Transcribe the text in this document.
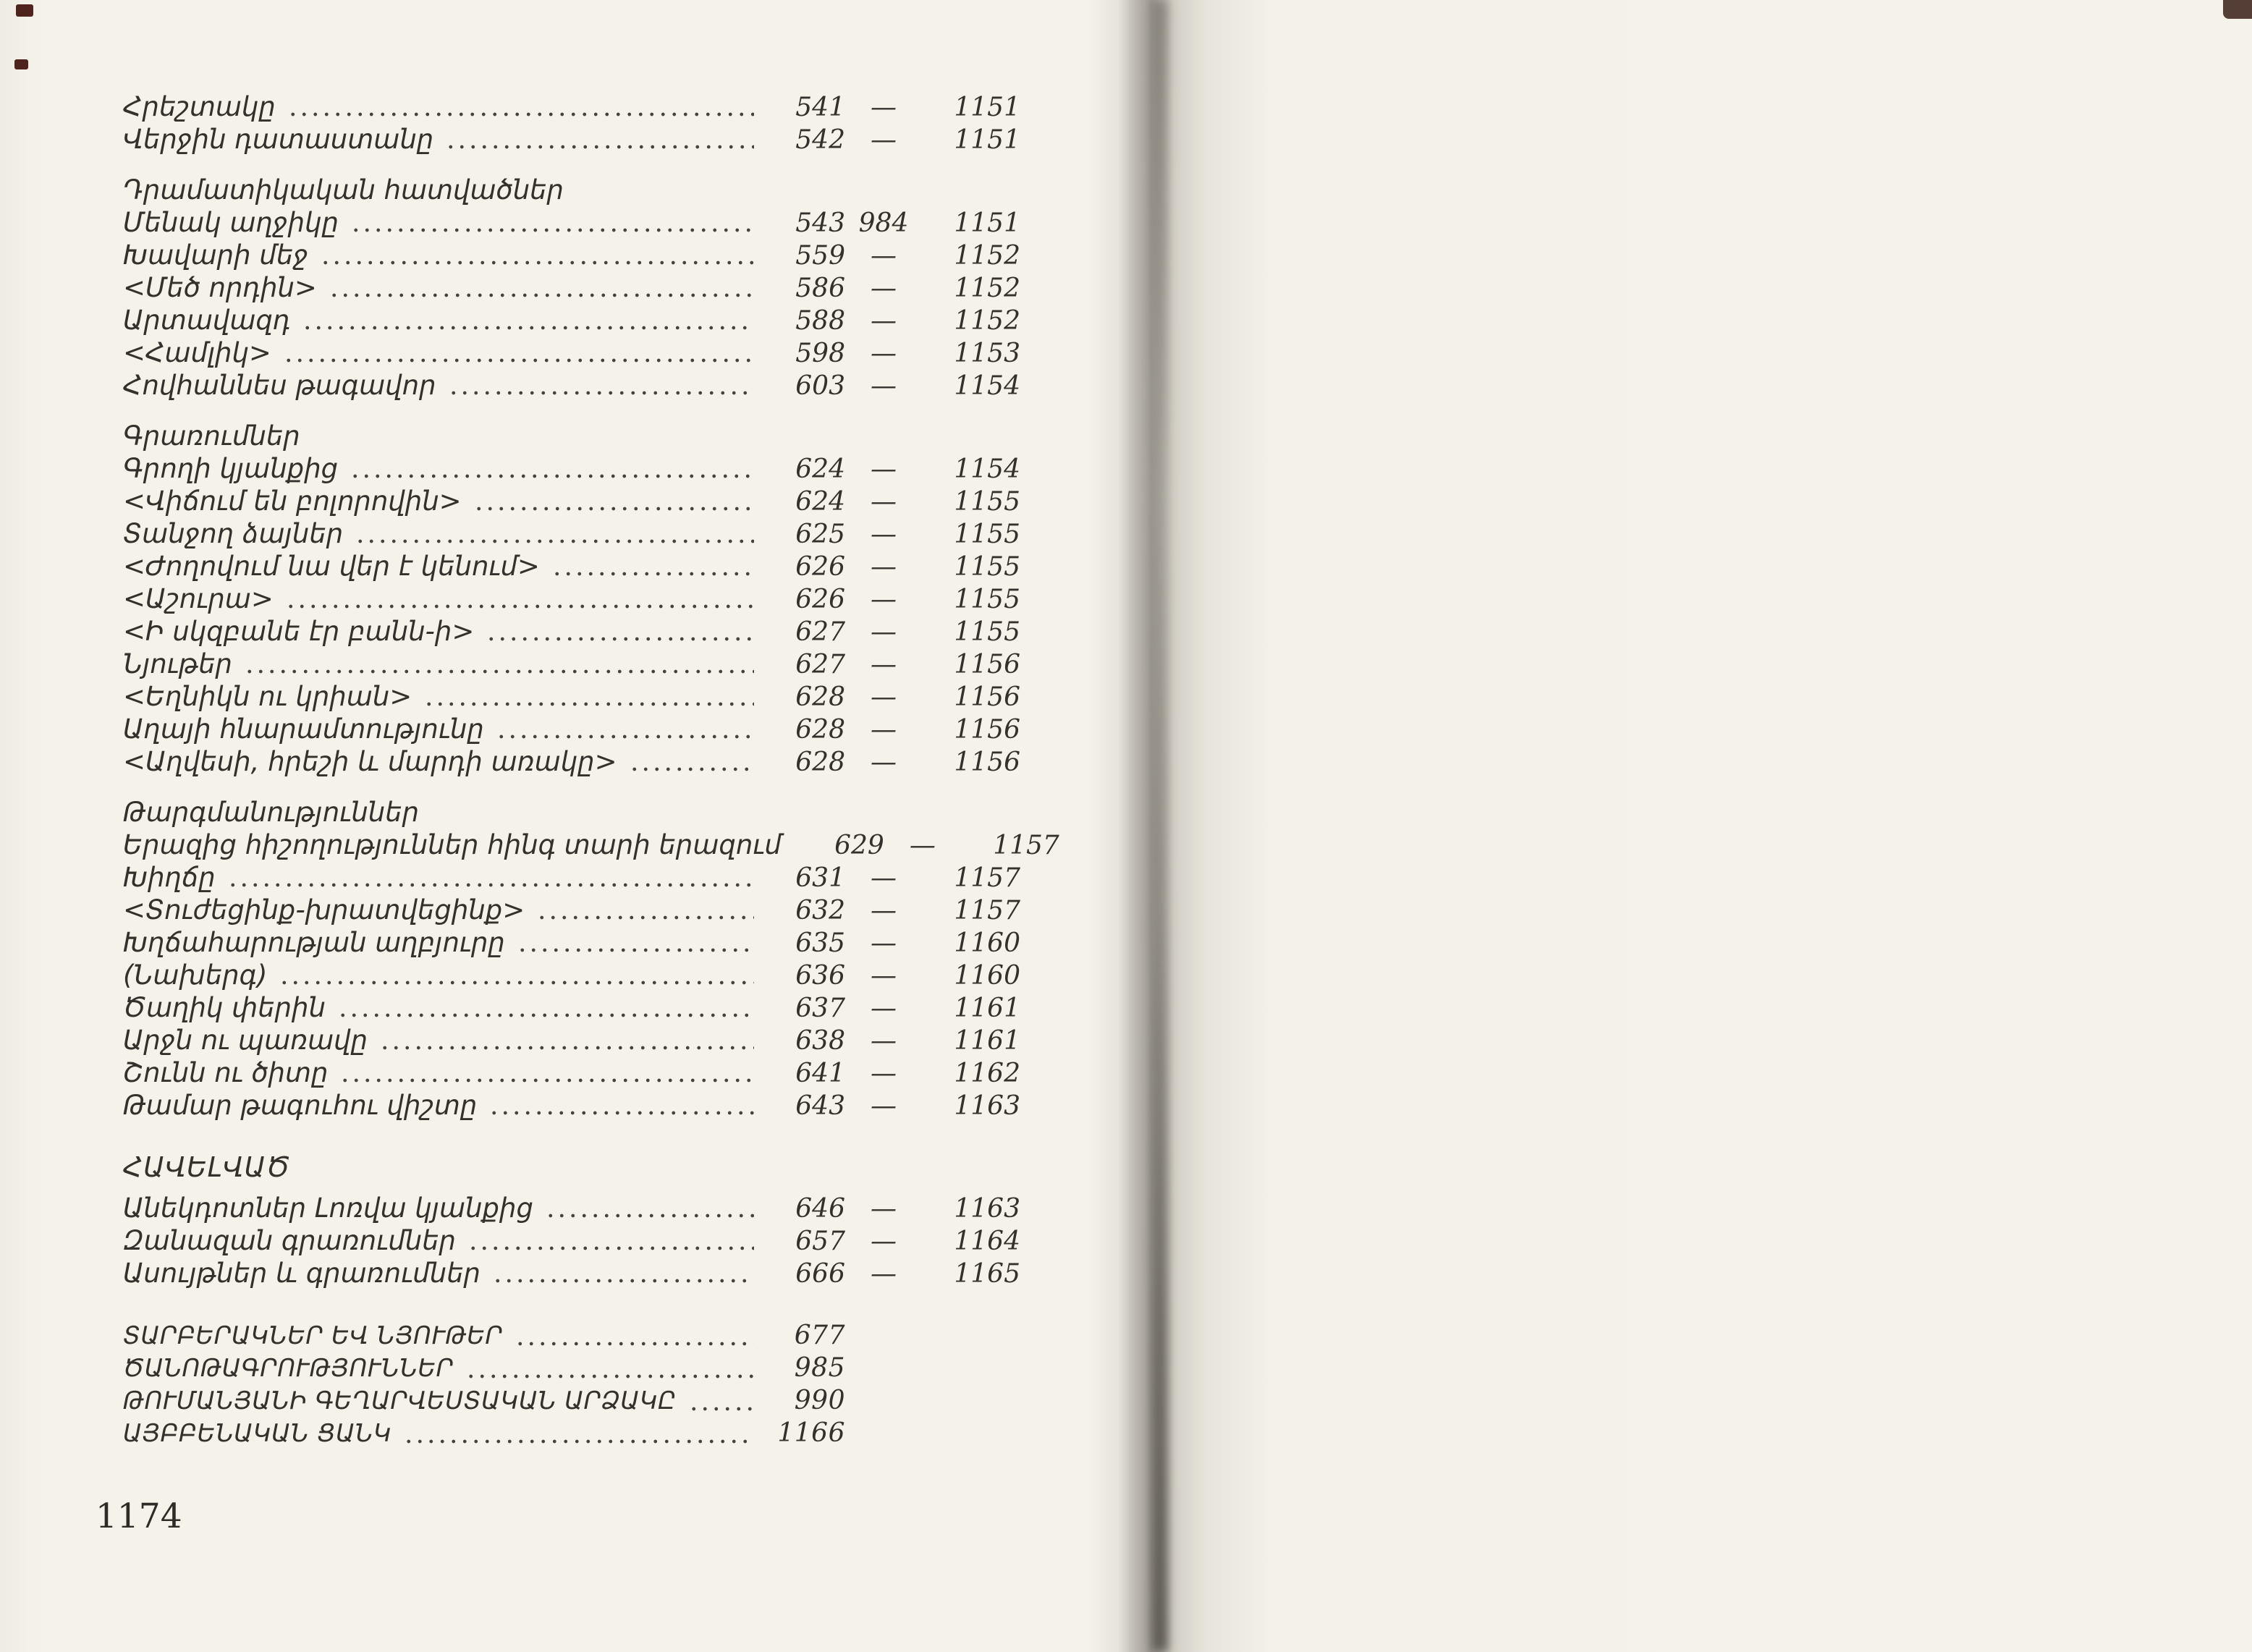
Հրեշտակը	541 —	1151
Վերջին դատաստանը	542 —	1151
Դրամատիկական հատվածներ
Մենակ աղջիկը	543 984	1151
Խավարի մեջ	559 —	1152
<Մեծ որդին>	586 —	1152
Արտավազդ	588 —	1152
<Համլիկ>	598 —	1153
Հովհաննես թագավոր	603 —	1154
Գրառումներ
Գրողի կյանքից	624 —	1154
<Վիճում են բոլորովին>	624 —	1155
Տանջող ձայներ	625 —	1155
<Ժողովում նա վեր է կենում>	626 —	1155
<Աշուրա>	626 —	1155
<Ի սկզբանե էր բանն-ի>	627 —	1155
Նյութեր	627 —	1156
<Եղնիկն ու կրիան>	628 —	1156
Աղայի հնարամտությունը	628 —	1156
<Աղվեսի, հրեշի և մարդի առակը>	628 —	1156
Թարգմանություններ
Երազից հիշողություններ հինգ տարի երազում	629 —	1157
Խիղճը	631 —	1157
<Տուժեցինք-խրատվեցինք>	632 —	1157
Խղճահարության աղբյուրը	635 —	1160
(Նախերգ)	636 —	1160
Ծաղիկ փերին	637 —	1161
Արջն ու պառավը	638 —	1161
Շունն ու ծիտը	641 —	1162
Թամար թագուհու վիշտը	643 —	1163
ՀԱՎԵԼՎԱԾ
Անեկդոտներ Լոռվա կյանքից	646 —	1163
Զանազան գրառումներ	657 —	1164
Ասույթներ և գրառումներ	666 —	1165
ՏԱՐԲԵՐԱԿՆԵՐ ԵՎ ՆՅՈՒԹԵՐ	677
ԾԱՆՈԹԱԳՐՈՒԹՅՈՒՆՆԵՐ	985
ԹՈՒՄԱՆՅԱՆԻ ԳԵՂԱՐՎԵՍՏԱԿԱՆ ԱՐՁԱԿԸ	990
ԱՅԲԲԵՆԱԿԱՆ ՑԱՆԿ	1166
1174
